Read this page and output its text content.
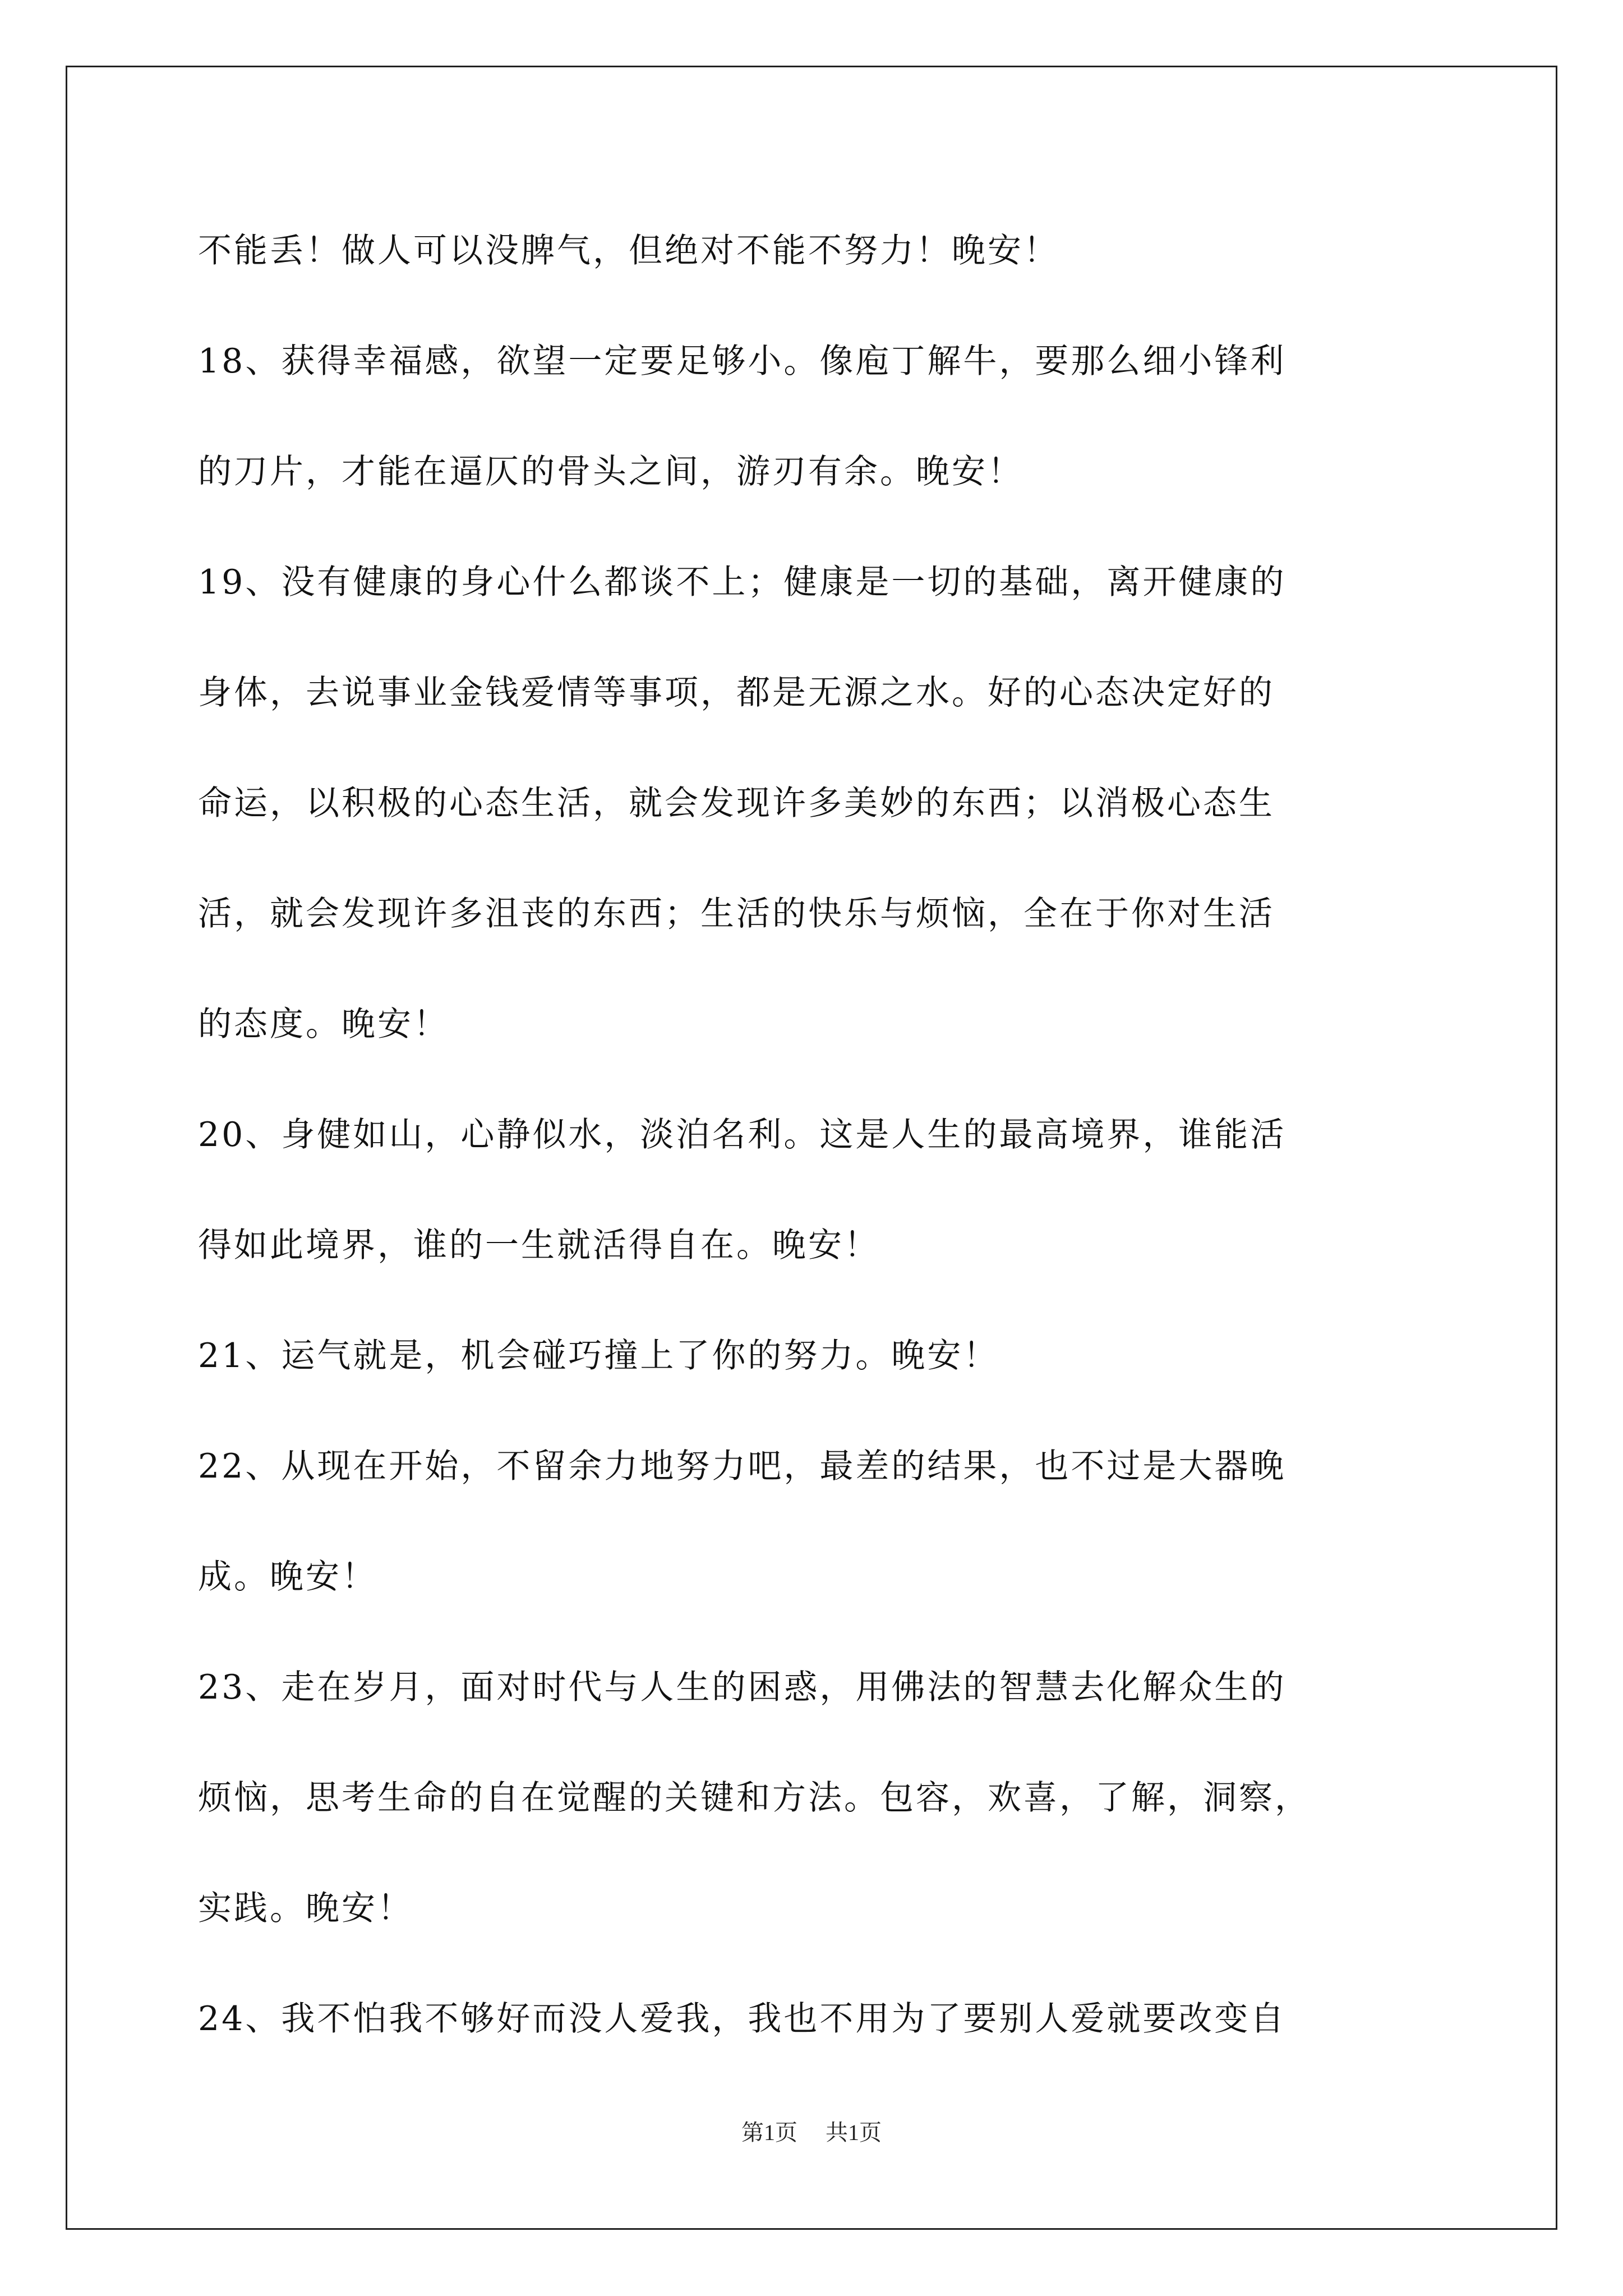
不能丢！做人可以没脾气，但绝对不能不努力！晚安！
18、获得幸福感，欲望一定要足够小。像庖丁解牛，要那么细小锋利
的刀片，才能在逼仄的骨头之间，游刃有余。晚安！
19、没有健康的身心什么都谈不上；健康是一切的基础，离开健康的
身体，去说事业金钱爱情等事项，都是无源之水。好的心态决定好的
命运，以积极的心态生活，就会发现许多美妙的东西；以消极心态生
活，就会发现许多沮丧的东西；生活的快乐与烦恼，全在于你对生活
的态度。晚安！
20、身健如山，心静似水，淡泊名利。这是人生的最高境界，谁能活
得如此境界，谁的一生就活得自在。晚安！
21、运气就是，机会碰巧撞上了你的努力。晚安！
22、从现在开始，不留余力地努力吧，最差的结果，也不过是大器晚
成。晚安！
23、走在岁月，面对时代与人生的困惑，用佛法的智慧去化解众生的
烦恼，思考生命的自在觉醒的关键和方法。包容，欢喜，了解，洞察，
实践。晚安！
24、我不怕我不够好而没人爱我，我也不用为了要别人爱就要改变自
第1页 共1页
